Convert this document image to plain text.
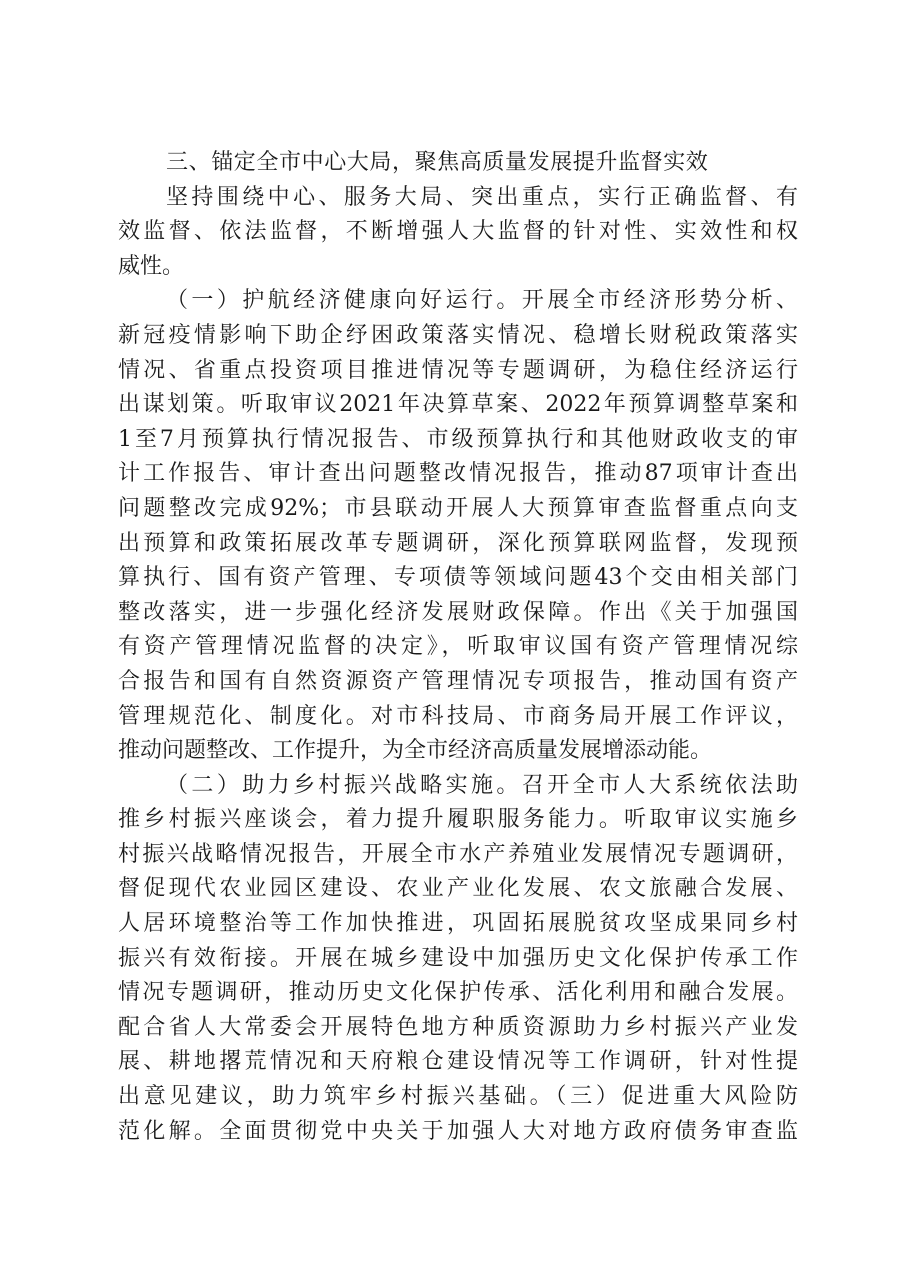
三、锚定全市中心大局，聚焦高质量发展提升监督实效
坚持围绕中心、服务大局、突出重点，实行正确监督、有
效监督、依法监督，不断增强人大监督的针对性、实效性和权
威性。
（一）护航经济健康向好运行。开展全市经济形势分析、
新冠疫情影响下助企纾困政策落实情况、稳增长财税政策落实
情况、省重点投资项目推进情况等专题调研，为稳住经济运行
出谋划策。听取审议2021年决算草案、2022年预算调整草案和
1至7月预算执行情况报告、市级预算执行和其他财政收支的审
计工作报告、审计查出问题整改情况报告，推动87项审计查出
问题整改完成92%；市县联动开展人大预算审查监督重点向支
出预算和政策拓展改革专题调研，深化预算联网监督，发现预
算执行、国有资产管理、专项债等领域问题43个交由相关部门
整改落实，进一步强化经济发展财政保障。作出《关于加强国
有资产管理情况监督的决定》，听取审议国有资产管理情况综
合报告和国有自然资源资产管理情况专项报告，推动国有资产
管理规范化、制度化。对市科技局、市商务局开展工作评议，
推动问题整改、工作提升，为全市经济高质量发展增添动能。
（二）助力乡村振兴战略实施。召开全市人大系统依法助
推乡村振兴座谈会，着力提升履职服务能力。听取审议实施乡
村振兴战略情况报告，开展全市水产养殖业发展情况专题调研，
督促现代农业园区建设、农业产业化发展、农文旅融合发展、
人居环境整治等工作加快推进，巩固拓展脱贫攻坚成果同乡村
振兴有效衔接。开展在城乡建设中加强历史文化保护传承工作
情况专题调研，推动历史文化保护传承、活化利用和融合发展。
配合省人大常委会开展特色地方种质资源助力乡村振兴产业发
展、耕地撂荒情况和天府粮仓建设情况等工作调研，针对性提
出意见建议，助力筑牢乡村振兴基础。（三）促进重大风险防
范化解。全面贯彻党中央关于加强人大对地方政府债务审查监
